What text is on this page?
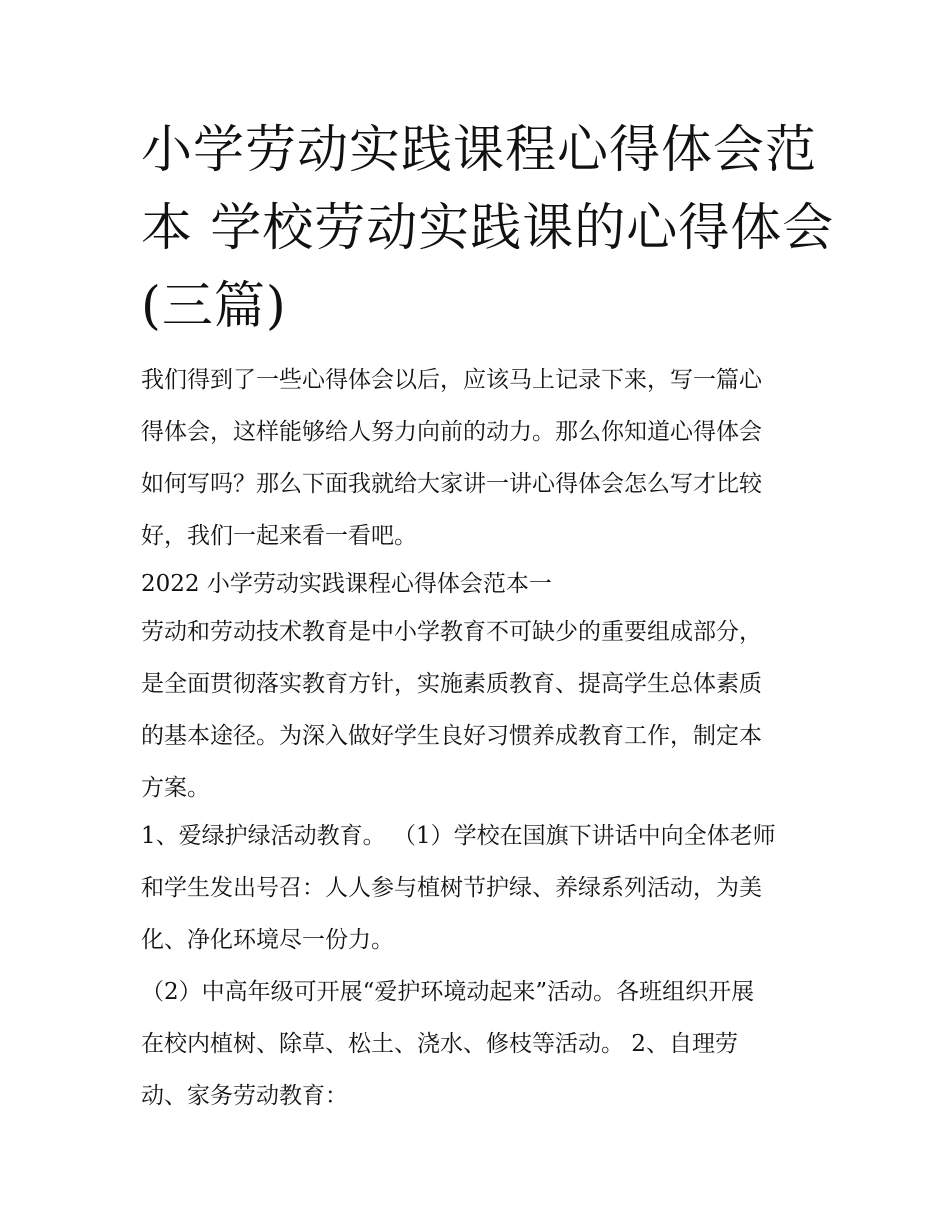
小学劳动实践课程心得体会范
本 学校劳动实践课的心得体会
(三篇)
我们得到了一些心得体会以后，应该马上记录下来，写一篇心
得体会，这样能够给人努力向前的动力。那么你知道心得体会
如何写吗？那么下面我就给大家讲一讲心得体会怎么写才比较
好，我们一起来看一看吧。
2022 小学劳动实践课程心得体会范本一
劳动和劳动技术教育是中小学教育不可缺少的重要组成部分，
是全面贯彻落实教育方针，实施素质教育、提高学生总体素质
的基本途径。为深入做好学生良好习惯养成教育工作，制定本
方案。
1、爱绿护绿活动教育。 （1）学校在国旗下讲话中向全体老师
和学生发出号召：人人参与植树节护绿、养绿系列活动，为美
化、净化环境尽一份力。
（2）中高年级可开展“爱护环境动起来”活动。各班组织开展
在校内植树、除草、松土、浇水、修枝等活动。 2、自理劳
动、家务劳动教育：
